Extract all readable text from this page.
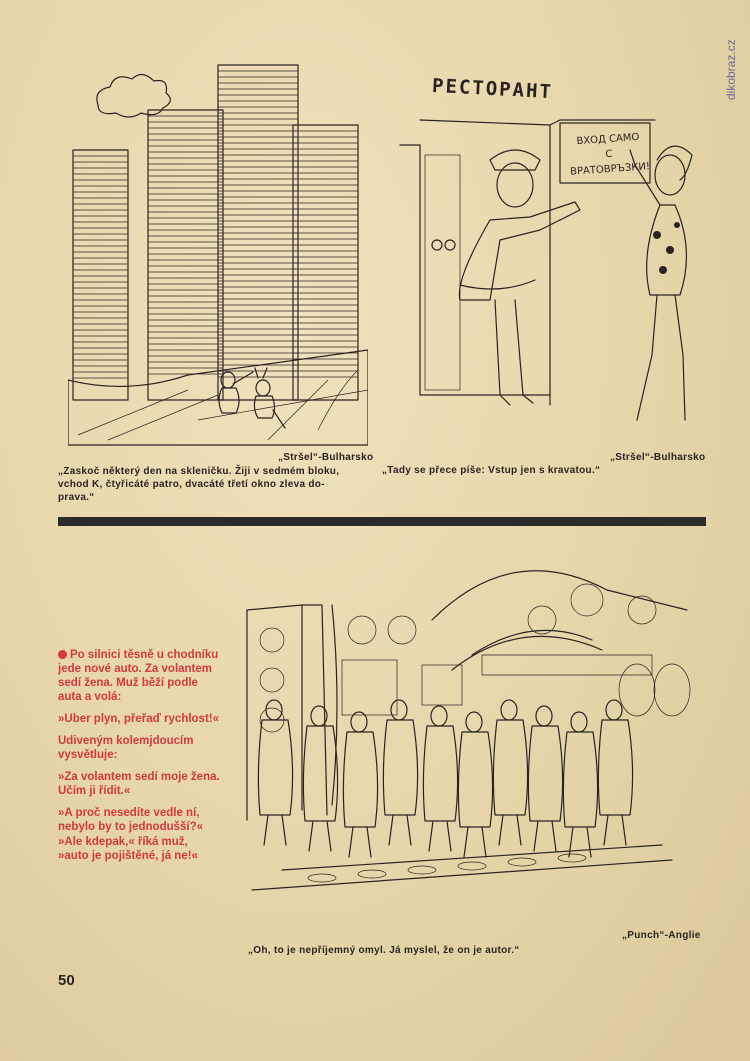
dikobraz.cz
„Stršel“-Bulharsko
„Zaskoč některý den na skleničku. Žiji v sedmém bloku,
vchod K, čtyřicáté patro, dvacáté třetí okno zleva do-
prava.“
РЕСТОРАНТ
ВХОД САМО
С ВРАТОВРЪЗКИ!
„Stršel“-Bulharsko
„Tady se přece píše: Vstup jen s kravatou.“

Po silnici těsně u chodníku jede nové auto. Za volantem sedí žena. Muž běží podle auta a volá:

»Uber plyn, přeřaď rychlost!«

Udiveným kolemjdoucím vysvětluje:

»Za volantem sedí moje žena. Učím ji řídit.«

»A proč nesedíte vedle ní, nebylo by to jednodušší?«

»Ale kdepak,« říká muž, »auto je pojištěné, já ne!«

„Punch“-Anglie
„Oh, to je nepříjemný omyl. Já myslel, že on je autor.“
50
